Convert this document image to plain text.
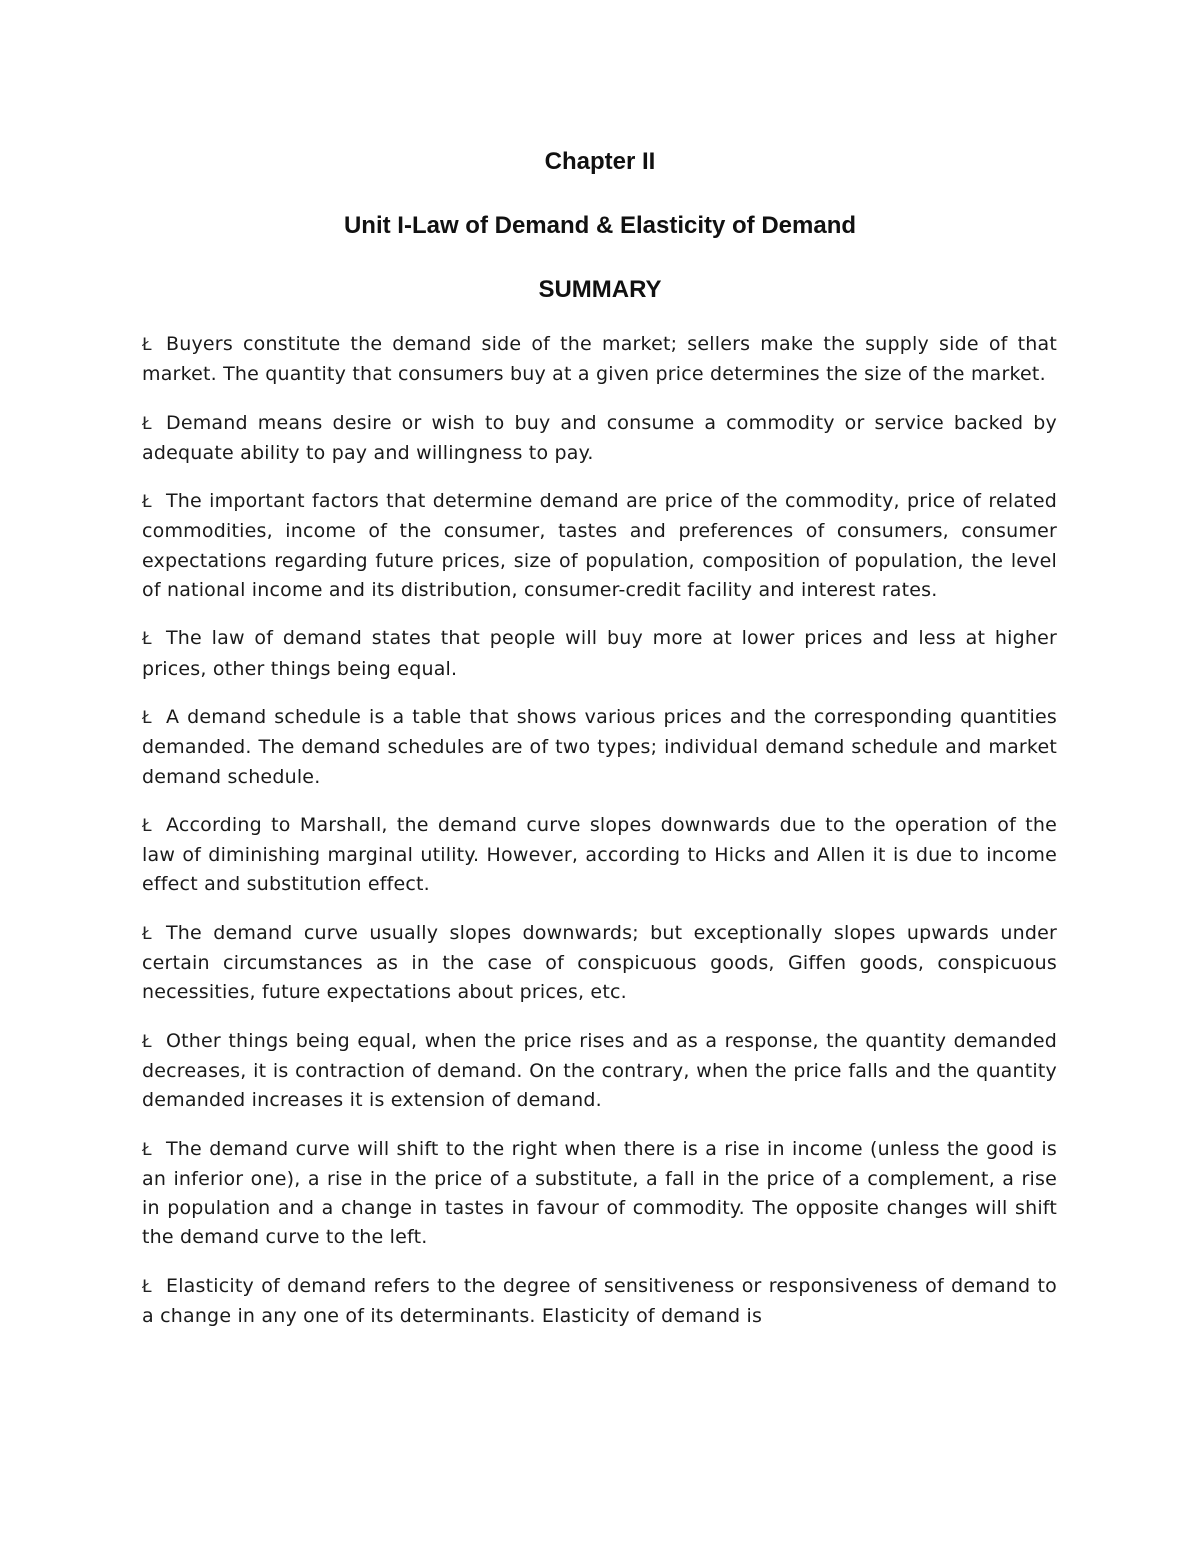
Chapter II
Unit I-Law of Demand & Elasticity of Demand
SUMMARY

Ł Buyers constitute the demand side of the market; sellers make the supply side of that market. The quantity that consumers buy at a given price determines the size of the market.

Ł Demand means desire or wish to buy and consume a commodity or service backed by adequate ability to pay and willingness to pay.

Ł The important factors that determine demand are price of the commodity, price of related commodities, income of the consumer, tastes and preferences of consumers, consumer expectations regarding future prices, size of population, composition of population, the level of national income and its distribution, consumer-credit facility and interest rates.

Ł The law of demand states that people will buy more at lower prices and less at higher prices, other things being equal.

Ł A demand schedule is a table that shows various prices and the corresponding quantities demanded. The demand schedules are of two types; individual demand schedule and market demand schedule.

Ł According to Marshall, the demand curve slopes downwards due to the operation of the law of diminishing marginal utility. However, according to Hicks and Allen it is due to income effect and substitution effect.

Ł The demand curve usually slopes downwards; but exceptionally slopes upwards under certain circumstances as in the case of conspicuous goods, Giffen goods, conspicuous necessities, future expectations about prices, etc.

Ł Other things being equal, when the price rises and as a response, the quantity demanded decreases, it is contraction of demand. On the contrary, when the price falls and the quantity demanded increases it is extension of demand.

Ł The demand curve will shift to the right when there is a rise in income (unless the good is an inferior one), a rise in the price of a substitute, a fall in the price of a complement, a rise in population and a change in tastes in favour of commodity. The opposite changes will shift the demand curve to the left.

Ł Elasticity of demand refers to the degree of sensitiveness or responsiveness of demand to a change in any one of its determinants. Elasticity of demand is
